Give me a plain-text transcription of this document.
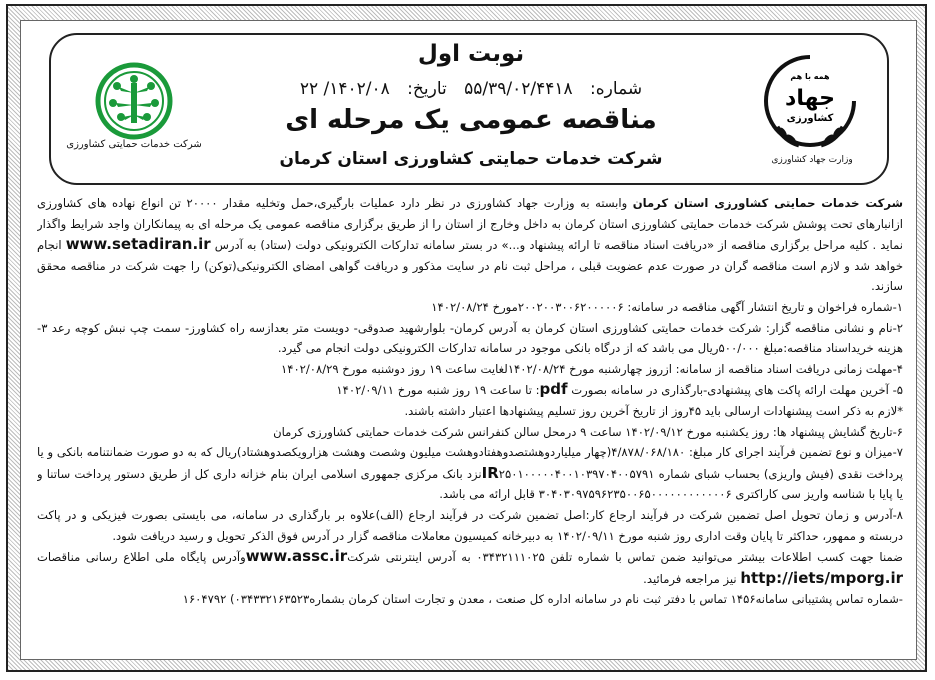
شرکت خدمات حمایتی کشاورزی
همه با هم
جهاد
کشاورزی
وزارت جهاد کشاورزی
نوبت اول
شماره: ۵۵/۳۹/۰۲/۴۴۱۸ تاریخ: ۱۴۰۲/۰۸/ ۲۲
مناقصه عمومی یک مرحله ای
شرکت خدمات حمایتی کشاورزی استان کرمان

شرکت خدمات حمایتی کشاورزی استان کرمان وابسته به وزارت جهاد کشاورزی در نظر دارد عملیات بارگیری،حمل وتخلیه مقدار ۲۰۰۰۰ تن انواع نهاده های کشاورزی ازانبارهای تحت پوشش شرکت خدمات حمایتی کشاورزی استان کرمان به داخل وخارج از استان را از طریق برگزاری مناقصه عمومی یک مرحله ای به پیمانکاران واجد شرایط واگذار نماید . کلیه مراحل برگزاری مناقصه از «دریافت اسناد مناقصه تا ارائه پیشنهاد و...» در بستر سامانه تدارکات الکترونیکی دولت (ستاد) به آدرس www.setadiran.ir انجام خواهد شد و لازم است مناقصه گران در صورت عدم عضویت قبلی ، مراحل ثبت نام در سایت مذکور و دریافت گواهی امضای الکترونیکی(توکن) را جهت شرکت در مناقصه محقق سازند.

۱-شماره فراخوان و تاریخ انتشار آگهی مناقصه در سامانه: ۲۰۰۲۰۰۳۰۰۶۲۰۰۰۰۰۶مورخ ۱۴۰۲/۰۸/۲۴

۲-نام و نشانی مناقصه گزار: شرکت خدمات حمایتی کشاورزی استان کرمان به آدرس کرمان- بلوارشهید صدوقی- دویست متر بعدازسه راه کشاورز- سمت چپ نبش کوچه رعد ۳-هزینه خریداسناد مناقصه:مبلغ ۵۰۰/۰۰۰ریال می باشد که از درگاه بانکی موجود در سامانه تدارکات الکترونیکی دولت انجام می گیرد.

۴-مهلت زمانی دریافت اسناد مناقصه از سامانه: ازروز چهارشنبه مورخ ۱۴۰۲/۰۸/۲۴لغایت ساعت ۱۹ روز دوشنبه مورخ ۱۴۰۲/۰۸/۲۹

۵- آخرین مهلت ارائه پاکت های پیشنهادی-بارگذاری در سامانه بصورت pdf: تا ساعت ۱۹ روز شنبه مورخ ۱۴۰۲/۰۹/۱۱

*لازم به ذکر است پیشنهادات ارسالی باید ۴۵روز از تاریخ آخرین روز تسلیم پیشنهادها اعتبار داشته باشند.

۶-تاریخ گشایش پیشنهاد ها: روز یکشنبه مورخ ۱۴۰۲/۰۹/۱۲ ساعت ۹ درمحل سالن کنفرانس شرکت خدمات حمایتی کشاورزی کرمان

۷-میزان و نوع تضمین فرآیند اجرای کار مبلغ: ۴/۸۷۸/۰۶۸/۱۸۰(چهار میلیاردوهشتصدوهفتادوهشت میلیون وشصت وهشت هزارویکصدوهشتاد)ریال که به دو صورت ضمانتنامه بانکی و یا پرداخت نقدی (فیش واریزی) بحساب شبای شماره IR۲۵۰۱۰۰۰۰۰۴۰۰۱۰۳۹۷۰۴۰۰۵۷۹۱نزد بانک مرکزی جمهوری اسلامی ایران بنام خزانه داری کل از طریق دستور پرداخت ساتنا و یا پایا با شناسه واریز سی کاراکتری ۳۰۴۰۳۰۹۷۵۹۶۲۳۵۰۰۶۵۰۰۰۰۰۰۰۰۰۰۰۰۶ قابل ارائه می باشد.

۸-آدرس و زمان تحویل اصل تضمین شرکت در فرآیند ارجاع کار:اصل تضمین شرکت در فرآیند ارجاع (الف)علاوه بر بارگذاری در سامانه، می بایستی بصورت فیزیکی و در پاکت دربسته و ممهور، حداکثر تا پایان وقت اداری روز شنبه مورخ ۱۴۰۲/۰۹/۱۱ به دبیرخانه کمیسیون معاملات مناقصه گزار در آدرس فوق الذکر تحویل و رسید دریافت شود.

ضمنا جهت کسب اطلاعات بیشتر می‌توانید ضمن تماس با شماره تلفن ۰۳۴۳۲۱۱۱۰۲۵ به آدرس اینترنتی شرکتwww.assc.irوآدرس پایگاه ملی اطلاع رسانی مناقصات http://iets/mporg.ir نیز مراجعه فرمائید.

-شماره تماس پشتیبانی سامانه۱۴۵۶ تماس با دفتر ثبت نام در سامانه اداره کل صنعت ، معدن و تجارت استان کرمان بشماره۰۳۴۳۳۲۱۶۳۵۲۳) ۱۶۰۴۷۹۲
